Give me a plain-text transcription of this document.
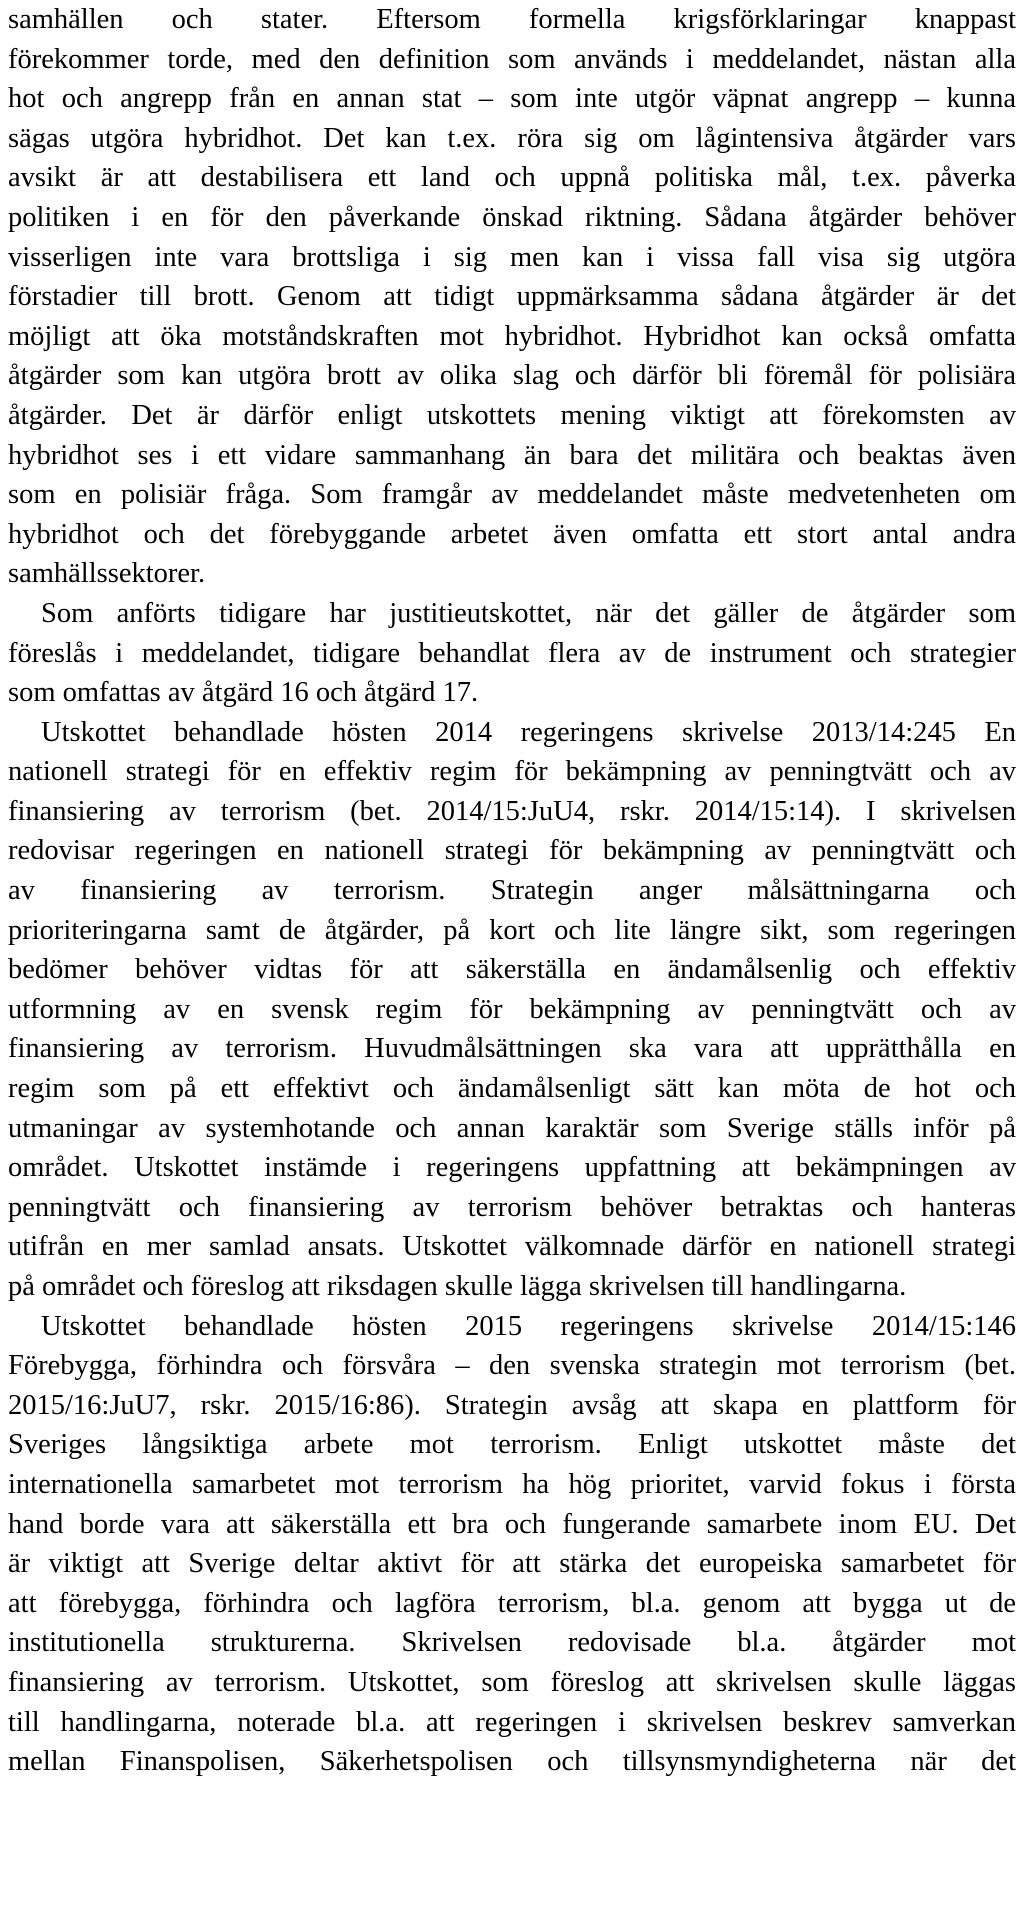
samhällen och stater. Eftersom formella krigsförklaringar knappast
förekommer torde, med den definition som används i meddelandet, nästan alla
hot och angrepp från en annan stat – som inte utgör väpnat angrepp – kunna
sägas utgöra hybridhot. Det kan t.ex. röra sig om lågintensiva åtgärder vars
avsikt är att destabilisera ett land och uppnå politiska mål, t.ex. påverka
politiken i en för den påverkande önskad riktning. Sådana åtgärder behöver
visserligen inte vara brottsliga i sig men kan i vissa fall visa sig utgöra
förstadier till brott. Genom att tidigt uppmärksamma sådana åtgärder är det
möjligt att öka motståndskraften mot hybridhot. Hybridhot kan också omfatta
åtgärder som kan utgöra brott av olika slag och därför bli föremål för polisiära
åtgärder. Det är därför enligt utskottets mening viktigt att förekomsten av
hybridhot ses i ett vidare sammanhang än bara det militära och beaktas även
som en polisiär fråga. Som framgår av meddelandet måste medvetenheten om
hybridhot och det förebyggande arbetet även omfatta ett stort antal andra
samhällssektorer.
Som anförts tidigare har justitieutskottet, när det gäller de åtgärder som
föreslås i meddelandet, tidigare behandlat flera av de instrument och strategier
som omfattas av åtgärd 16 och åtgärd 17.
Utskottet behandlade hösten 2014 regeringens skrivelse 2013/14:245 En
nationell strategi för en effektiv regim för bekämpning av penningtvätt och av
finansiering av terrorism (bet. 2014/15:JuU4, rskr. 2014/15:14). I skrivelsen
redovisar regeringen en nationell strategi för bekämpning av penningtvätt och
av finansiering av terrorism. Strategin anger målsättningarna och
prioriteringarna samt de åtgärder, på kort och lite längre sikt, som regeringen
bedömer behöver vidtas för att säkerställa en ändamålsenlig och effektiv
utformning av en svensk regim för bekämpning av penningtvätt och av
finansiering av terrorism. Huvudmålsättningen ska vara att upprätthålla en
regim som på ett effektivt och ändamålsenligt sätt kan möta de hot och
utmaningar av systemhotande och annan karaktär som Sverige ställs inför på
området. Utskottet instämde i regeringens uppfattning att bekämpningen av
penningtvätt och finansiering av terrorism behöver betraktas och hanteras
utifrån en mer samlad ansats. Utskottet välkomnade därför en nationell strategi
på området och föreslog att riksdagen skulle lägga skrivelsen till handlingarna.
Utskottet behandlade hösten 2015 regeringens skrivelse 2014/15:146
Förebygga, förhindra och försvåra – den svenska strategin mot terrorism (bet.
2015/16:JuU7, rskr. 2015/16:86). Strategin avsåg att skapa en plattform för
Sveriges långsiktiga arbete mot terrorism. Enligt utskottet måste det
internationella samarbetet mot terrorism ha hög prioritet, varvid fokus i första
hand borde vara att säkerställa ett bra och fungerande samarbete inom EU. Det
är viktigt att Sverige deltar aktivt för att stärka det europeiska samarbetet för
att förebygga, förhindra och lagföra terrorism, bl.a. genom att bygga ut de
institutionella strukturerna. Skrivelsen redovisade bl.a. åtgärder mot
finansiering av terrorism. Utskottet, som föreslog att skrivelsen skulle läggas
till handlingarna, noterade bl.a. att regeringen i skrivelsen beskrev samverkan
mellan Finanspolisen, Säkerhetspolisen och tillsynsmyndigheterna när det
